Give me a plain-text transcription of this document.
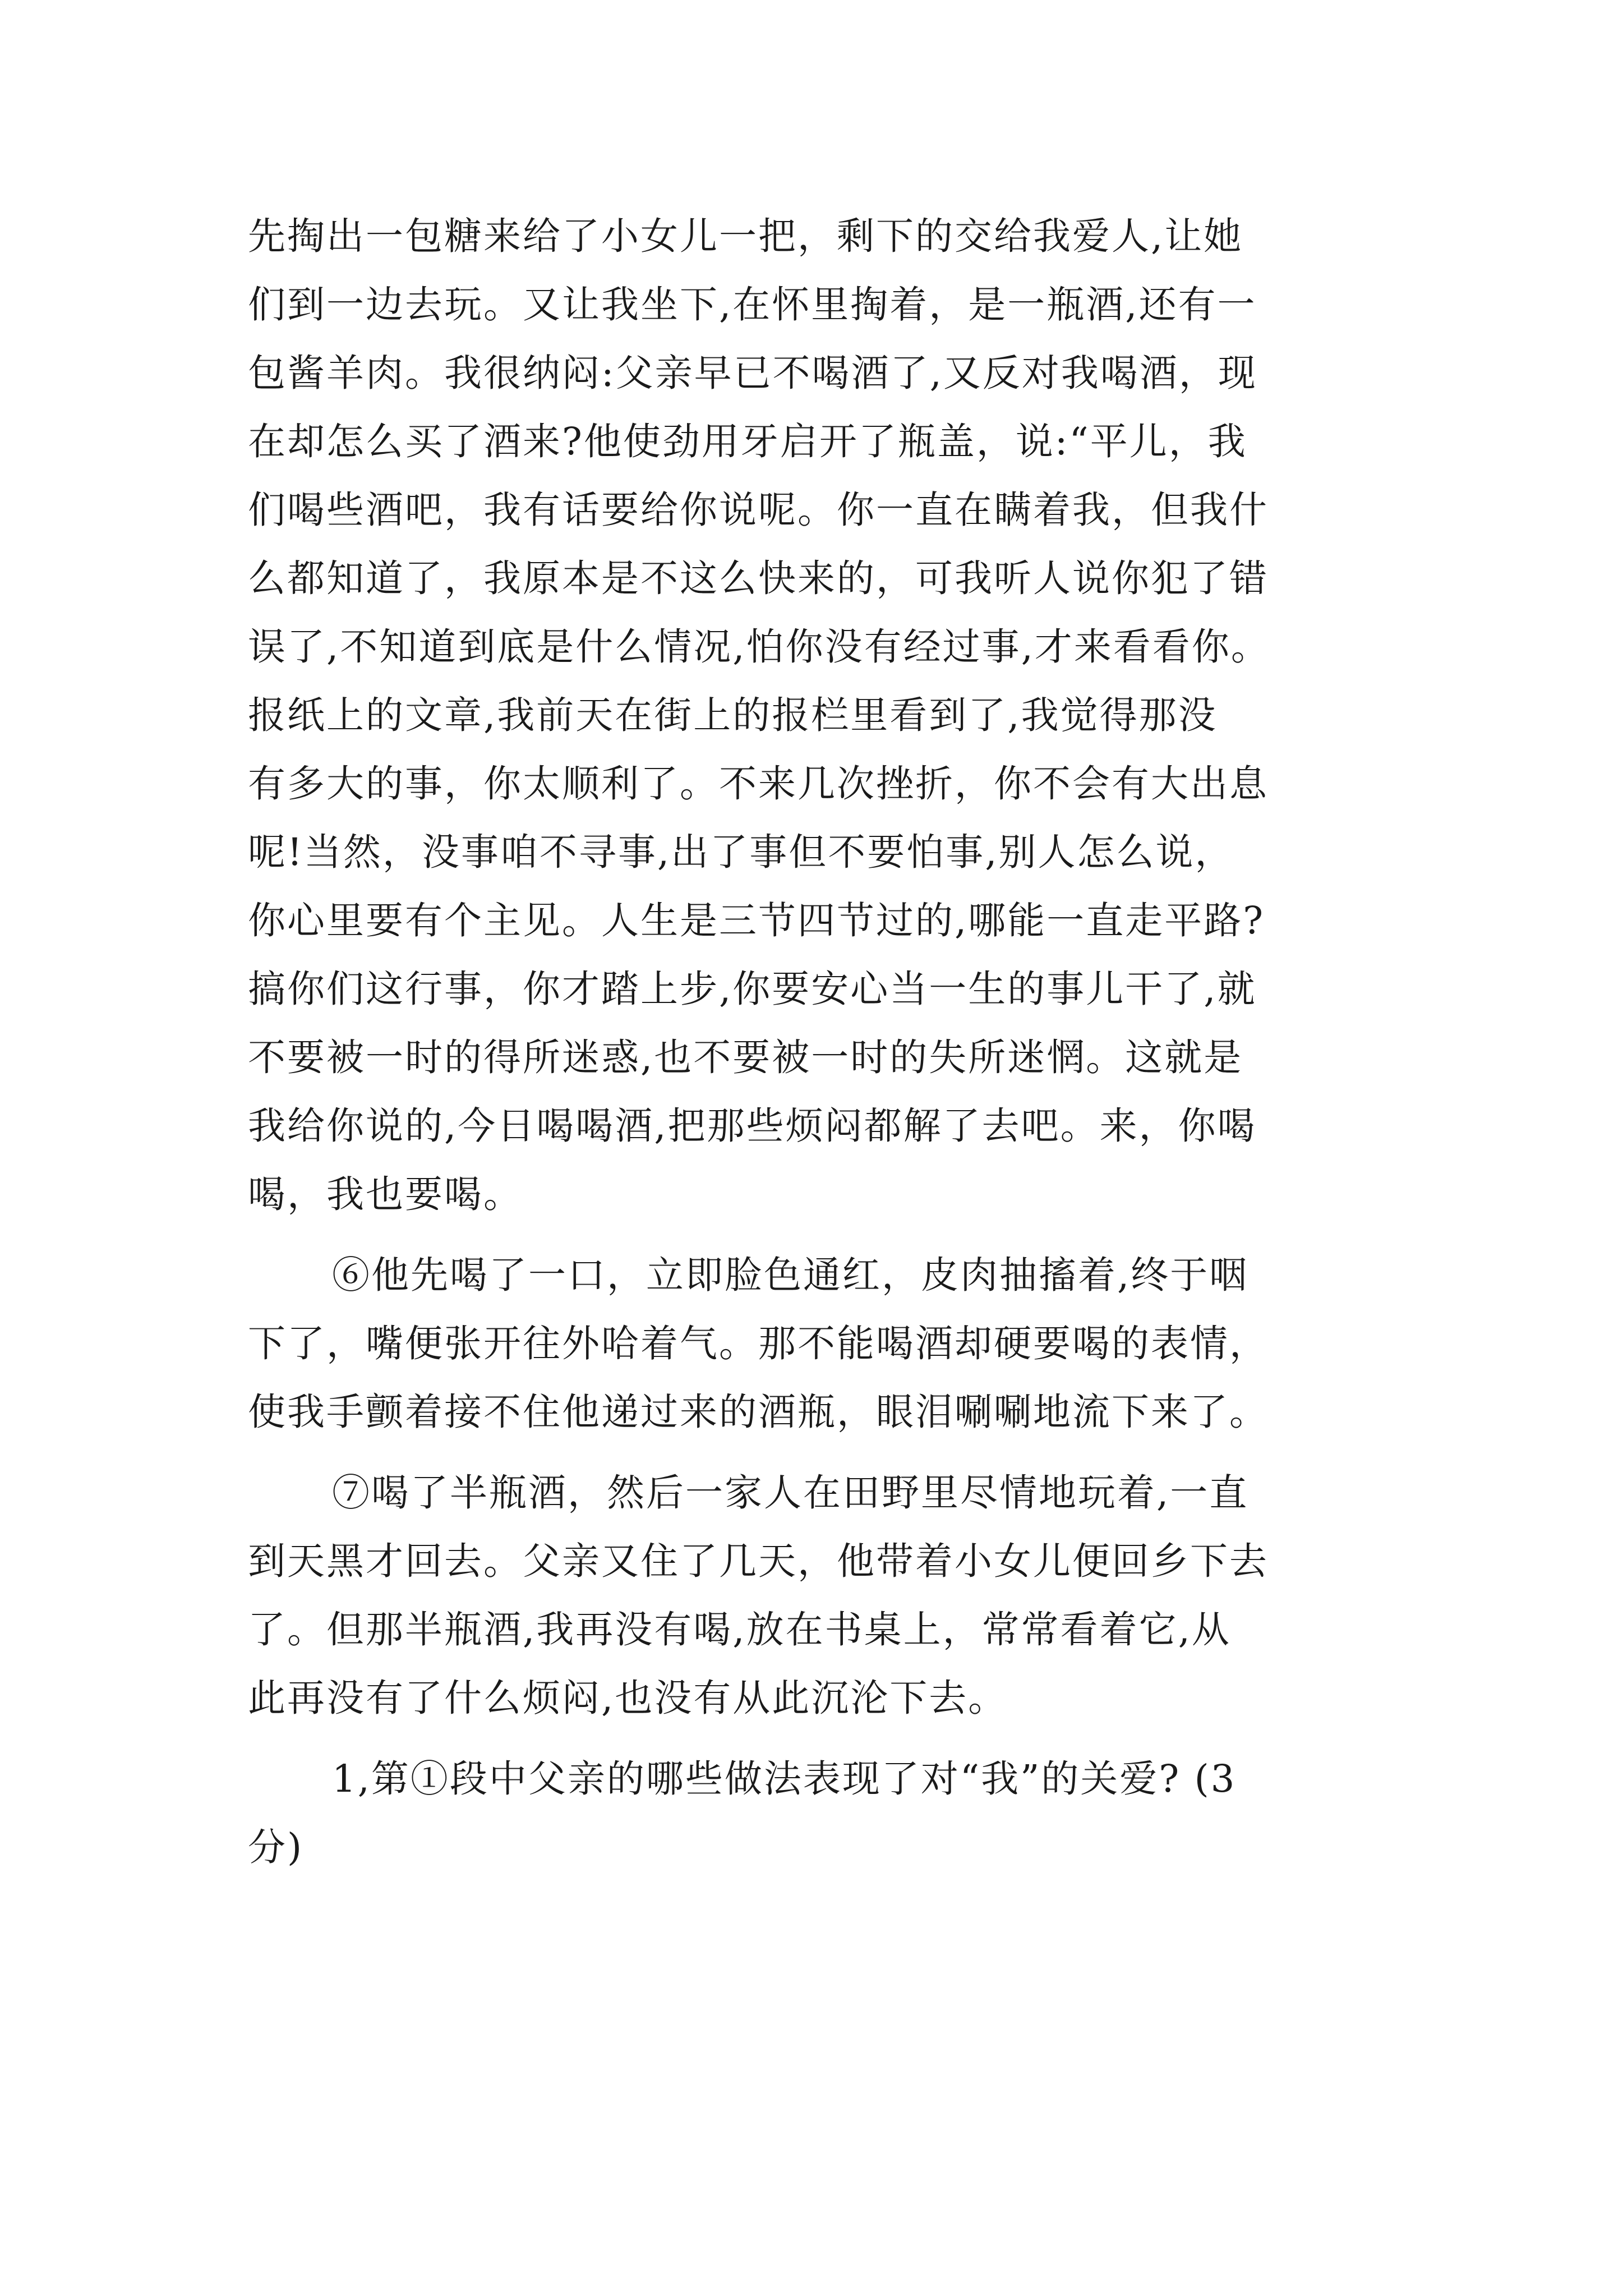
先掏出一包糖来给了小女儿一把，剩下的交给我爱人,让她
们到一边去玩。又让我坐下,在怀里掏着，是一瓶酒,还有一
包酱羊肉。我很纳闷:父亲早已不喝酒了,又反对我喝酒，现
在却怎么买了酒来?他使劲用牙启开了瓶盖，说:“平儿，我
们喝些酒吧，我有话要给你说呢。你一直在瞒着我，但我什
么都知道了，我原本是不这么快来的，可我听人说你犯了错
误了,不知道到底是什么情况,怕你没有经过事,才来看看你。
报纸上的文章,我前天在街上的报栏里看到了,我觉得那没
有多大的事，你太顺利了。不来几次挫折，你不会有大出息
呢!当然，没事咱不寻事,出了事但不要怕事,别人怎么说，
你心里要有个主见。人生是三节四节过的,哪能一直走平路?
搞你们这行事，你才踏上步,你要安心当一生的事儿干了,就
不要被一时的得所迷惑,也不要被一时的失所迷惘。这就是
我给你说的,今日喝喝酒,把那些烦闷都解了去吧。来，你喝
喝，我也要喝。
⑥他先喝了一口，立即脸色通红，皮肉抽搐着,终于咽
下了，嘴便张开往外哈着气。那不能喝酒却硬要喝的表情，
使我手颤着接不住他递过来的酒瓶，眼泪唰唰地流下来了。
⑦喝了半瓶酒，然后一家人在田野里尽情地玩着,一直
到天黑才回去。父亲又住了几天，他带着小女儿便回乡下去
了。但那半瓶酒,我再没有喝,放在书桌上，常常看着它,从
此再没有了什么烦闷,也没有从此沉沦下去。
1,第①段中父亲的哪些做法表现了对“我”的关爱? (3
分)
